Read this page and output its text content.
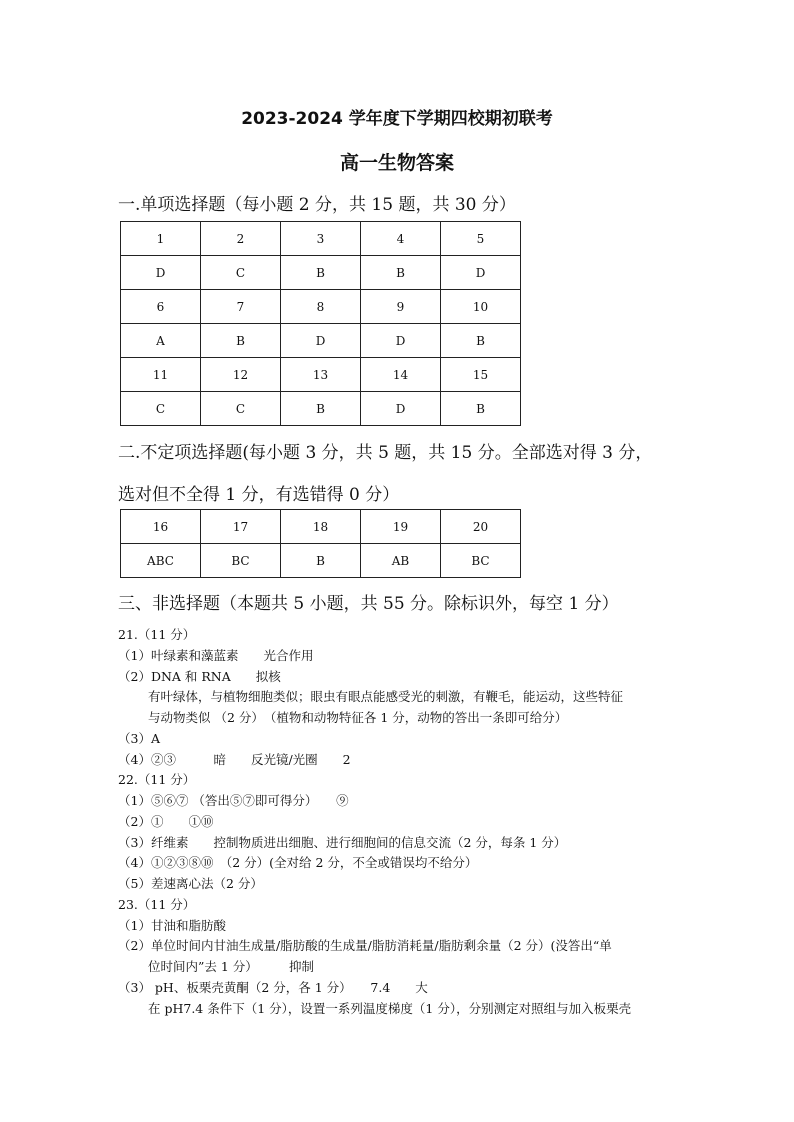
2023-2024 学年度下学期四校期初联考
高一生物答案
一.单项选择题（每小题 2 分，共 15 题，共 30 分）
1	2	3	4	5
D	C	B	B	D
6	7	8	9	10
A	B	D	D	B
11	12	13	14	15
C	C	B	D	B
二.不定项选择题(每小题 3 分，共 5 题，共 15 分。全部选对得 3 分，
选对但不全得 1 分，有选错得 0 分）
16	17	18	19	20
ABC	BC	B	AB	BC
三、非选择题（本题共 5 小题，共 55 分。除标识外，每空 1 分）
21.（11 分）
（1）叶绿素和藻蓝素　　光合作用
（2）DNA 和 RNA　　拟核
有叶绿体，与植物细胞类似；眼虫有眼点能感受光的刺激，有鞭毛，能运动，这些特征
与动物类似 （2 分）　（植物和动物特征各 1 分，动物的答出一条即可给分）
（3）A
（4）②③　　　暗　　反光镜/光圈　　2
22.（11 分）
（1）⑤⑥⑦ （答出⑤⑦即可得分）　　⑨
（2）①　　①⑩
（3）纤维素　　控制物质进出细胞、进行细胞间的信息交流（2 分，每条 1 分）
（4）①②③⑧⑩　（2 分）(全对给 2 分，不全或错误均不给分）
（5）差速离心法（2 分）
23.（11 分）
（1）甘油和脂肪酸
（2）单位时间内甘油生成量/脂肪酸的生成量/脂肪消耗量/脂肪剩余量（2 分）(没答出“单
位时间内”去 1 分）　　　抑制
（3） pH、板栗壳黄酮（2 分，各 1 分）　　7.4　　大
在 pH7.4 条件下（1 分），设置一系列温度梯度（1 分），分别测定对照组与加入板栗壳
